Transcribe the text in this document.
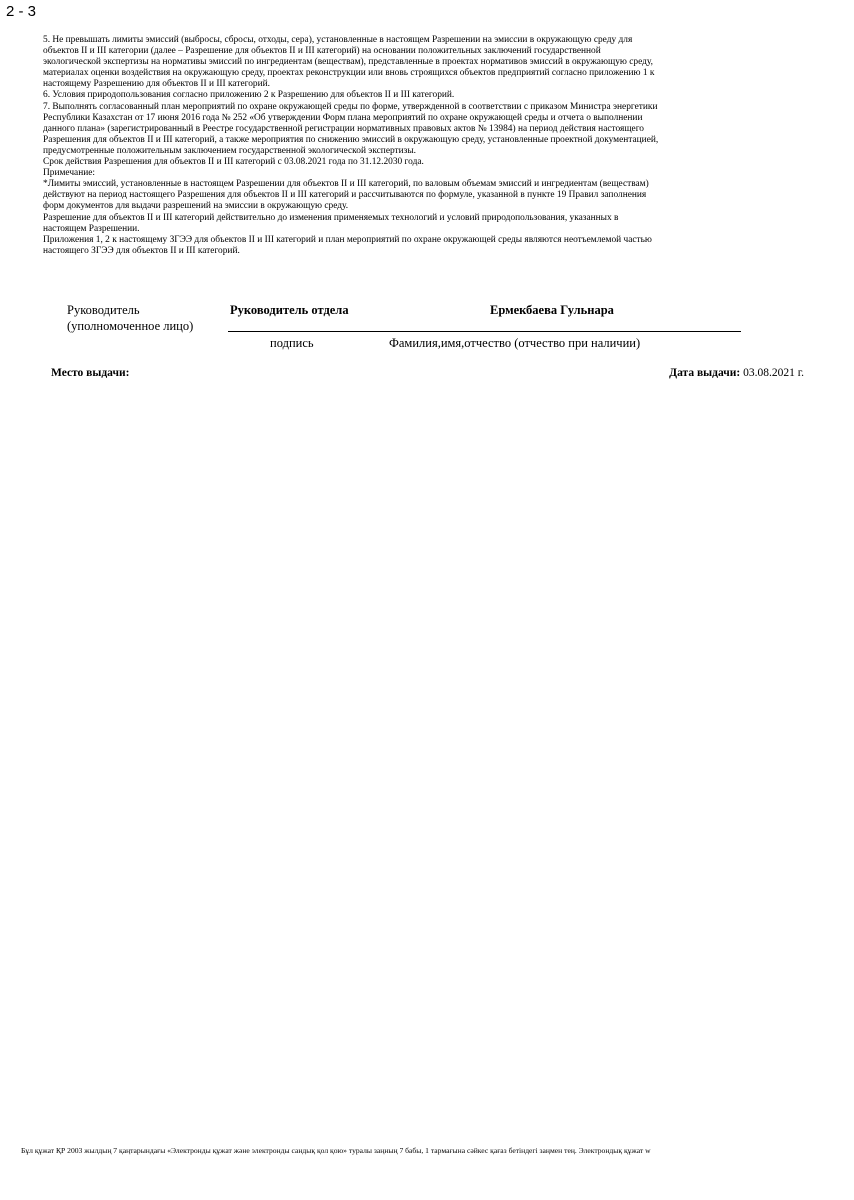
2 - 3
5. Не превышать лимиты эмиссий (выбросы, сбросы, отходы, сера), установленные в настоящем Разрешении на эмиссии в окружающую среду для
объектов II и III категории (далее – Разрешение для объектов II и III категорий) на основании положительных заключений государственной
экологической экспертизы на нормативы эмиссий по ингредиентам (веществам), представленные в проектах нормативов эмиссий в окружающую среду,
материалах оценки воздействия на окружающую среду, проектах реконструкции или вновь строящихся объектов предприятий согласно приложению 1 к
настоящему Разрешению для объектов II и III категорий.
6. Условия природопользования согласно приложению 2 к Разрешению для объектов II и III категорий.
7. Выполнять согласованный план мероприятий по охране окружающей среды по форме, утвержденной в соответствии с приказом Министра энергетики
Республики Казахстан от 17 июня 2016 года № 252 «Об утверждении Форм плана мероприятий по охране окружающей среды и отчета о выполнении
данного плана» (зарегистрированный в Реестре государственной регистрации нормативных правовых актов № 13984) на период действия настоящего
Разрешения для объектов II и III категорий, а также мероприятия по снижению эмиссий в окружающую среду, установленные проектной документацией,
предусмотренные положительным заключением государственной экологической экспертизы.
Срок действия Разрешения для объектов II и III категорий с 03.08.2021 года по 31.12.2030 года.
Примечание:
*Лимиты эмиссий, установленные в настоящем Разрешении для объектов II и III категорий, по валовым объемам эмиссий и ингредиентам (веществам)
действуют на период настоящего Разрешения для объектов II и III категорий и рассчитываются по формуле, указанной в пункте 19 Правил заполнения
форм документов для выдачи разрешений на эмиссии в окружающую среду.
Разрешение для объектов II и III категорий действительно до изменения применяемых технологий и условий природопользования, указанных в
настоящем Разрешении.
Приложения 1, 2 к настоящему ЗГЭЭ для объектов II и III категорий и план мероприятий по охране окружающей среды являются неотъемлемой частью
настоящего ЗГЭЭ для объектов II и III категорий.
Руководитель
(уполномоченное лицо)
Руководитель отдела	Ермекбаева Гульнара
подпись	Фамилия,имя,отчество (отчество при наличии)
Место выдачи:	Дата выдачи: 03.08.2021 г.
Бұл құжат ҚР 2003 жылдың 7 қаңтарындағы «Электронды құжат және электронды сандық қол қою» туралы заңның 7 бабы, 1 тармағына сәйкес қағаз бетіндегі заңмен тең. Электрондық құжат w
